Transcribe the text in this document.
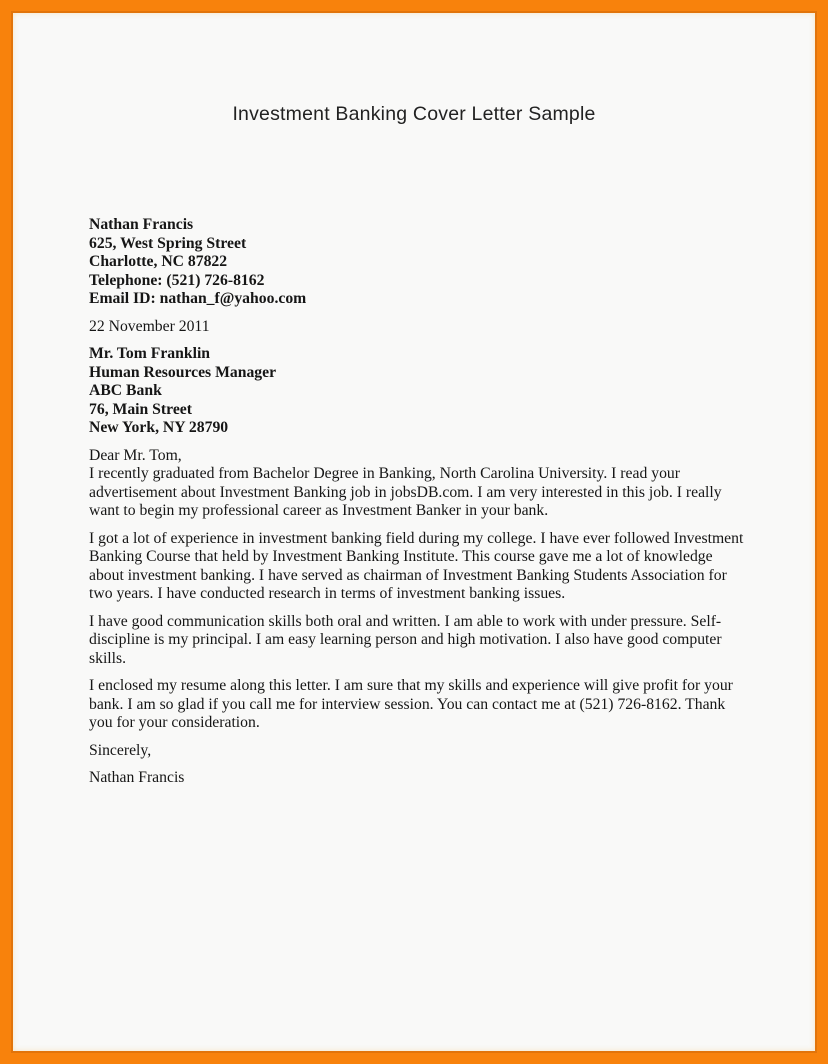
Investment Banking Cover Letter Sample
Nathan Francis
625, West Spring Street
Charlotte, NC 87822
Telephone: (521) 726-8162
Email ID: nathan_f@yahoo.com
22 November 2011
Mr. Tom Franklin
Human Resources Manager
ABC Bank
76, Main Street
New York, NY 28790
Dear Mr. Tom,
I recently graduated from Bachelor Degree in Banking, North Carolina University. I read your advertisement about Investment Banking job in jobsDB.com. I am very interested in this job. I really want to begin my professional career as Investment Banker in your bank.
I got a lot of experience in investment banking field during my college. I have ever followed Investment Banking Course that held by Investment Banking Institute. This course gave me a lot of knowledge about investment banking. I have served as chairman of Investment Banking Students Association for two years. I have conducted research in terms of investment banking issues.
I have good communication skills both oral and written. I am able to work with under pressure. Self-discipline is my principal. I am easy learning person and high motivation. I also have good computer skills.
I enclosed my resume along this letter. I am sure that my skills and experience will give profit for your bank. I am so glad if you call me for interview session. You can contact me at (521) 726-8162. Thank you for your consideration.
Sincerely,
Nathan Francis
